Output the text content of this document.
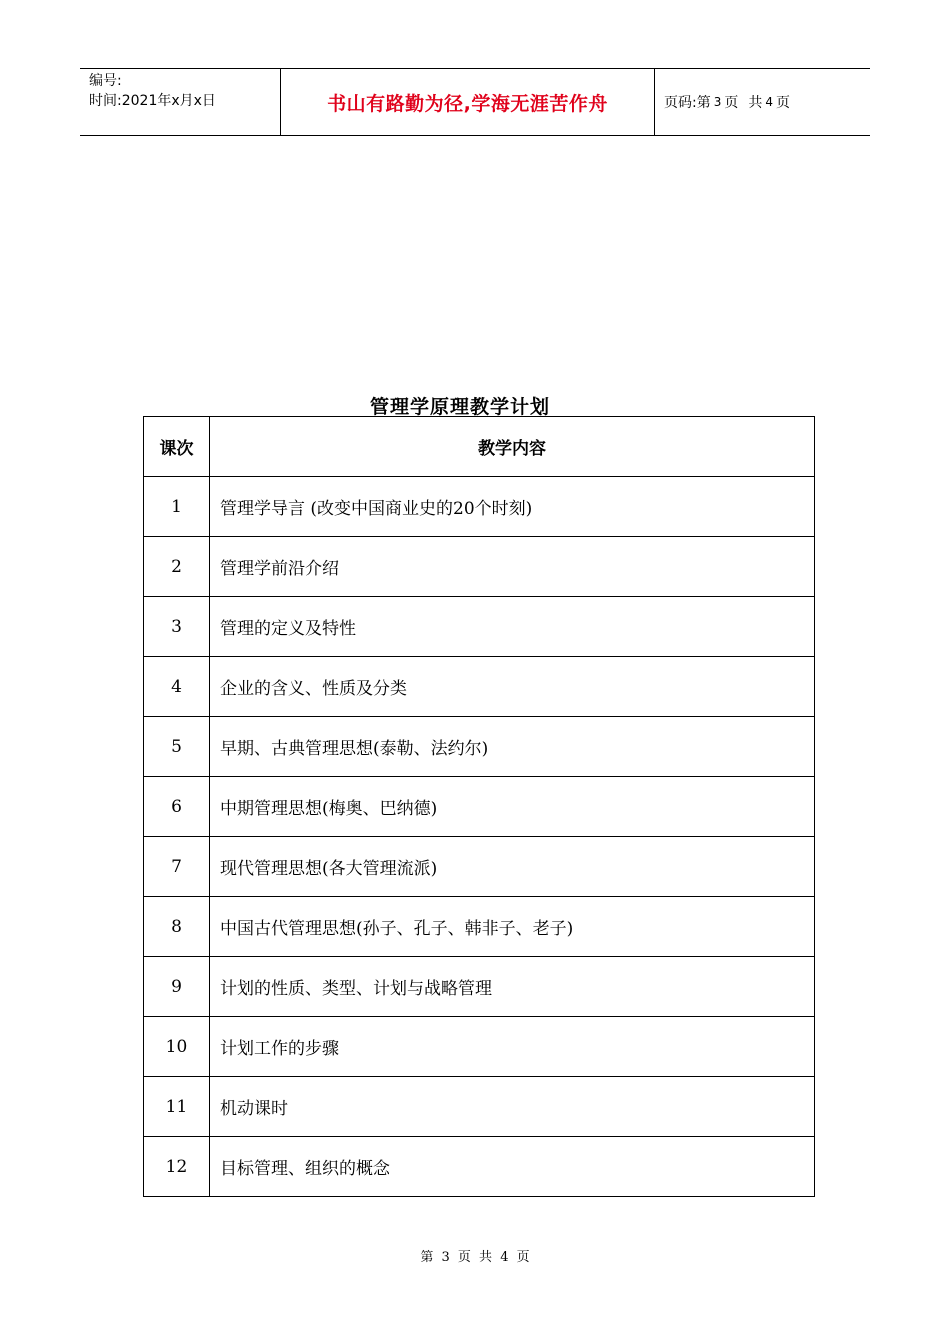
编号:
时间:2021年x月x日	书山有路勤为径,学海无涯苦作舟	页码:第 3 页 共 4 页
管理学原理教学计划
课次	教学内容
1	管理学导言 (改变中国商业史的20个时刻)
2	管理学前沿介绍
3	管理的定义及特性
4	企业的含义、性质及分类
5	早期、古典管理思想(泰勒、法约尔)
6	中期管理思想(梅奥、巴纳德)
7	现代管理思想(各大管理流派)
8	中国古代管理思想(孙子、孔子、韩非子、老子)
9	计划的性质、类型、计划与战略管理
10	计划工作的步骤
11	机动课时
12	目标管理、组织的概念
第 3 页 共 4 页
